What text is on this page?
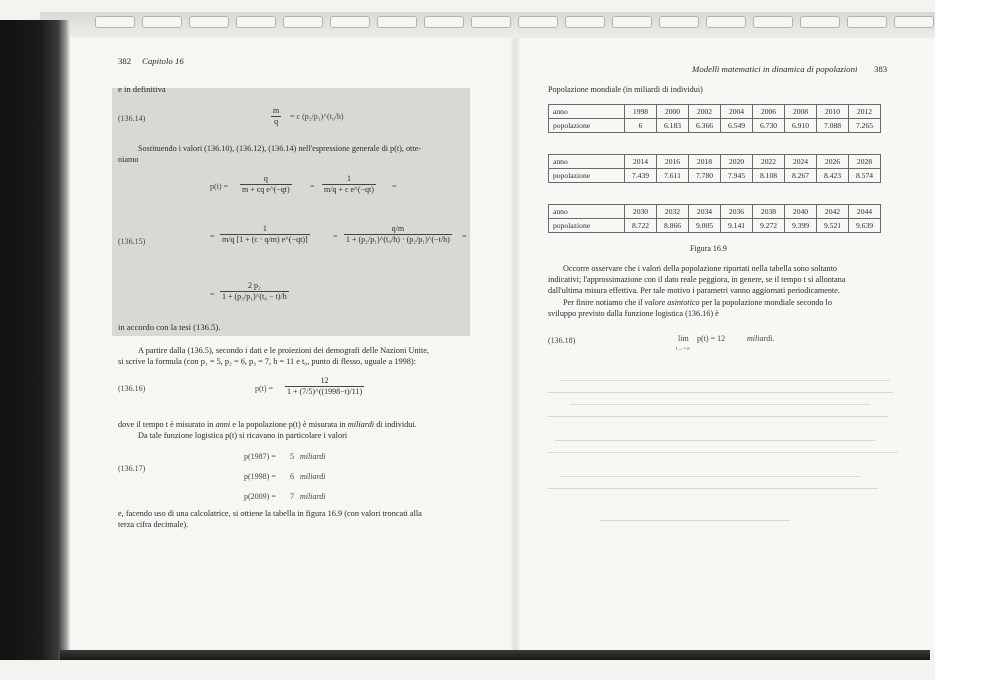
382 Capitolo 16
e in definitiva
(136.14)	$\frac{m}{q} = c$ (p₂/p₁)^(t₀/h)
Sostituendo i valori (136.10), (136.12), (136.14) nell'espressione generale di p(t), otte-
niamo
$p(t) = \frac{q}{\text{m + cq e\textasciicircum{}(−qt)}} = \frac{1}{\text{m/q + c e\textasciicircum{}(−qt)}}$ =
(136.15)
= $\frac{1}{m/q [1 + (c \cdot q/m) e\^{}(-qt)]}$	= $\frac{q/m}{\text{1 + (p₂/p₁)\textasciicircum{}(t₀/h) · (p₂/p₁)\textasciicircum{}(−t/h)}}$ =
= $\frac{\text{2 p₂}}{\text{1 + (p₃/p₁)\textasciicircum{}(t₀ − t)/h}}$
in accordo con la tesi (136.5).
A partire dalla (136.5), secondo i dati e le proiezioni dei demografi delle Nazioni Unite,
si scrive la formula (con p₁ = 5, p₂ = 6, p₃ = 7, h = 11 e t₀, punto di flesso, uguale a 1998):
(136.16)	$p(t) = \frac{12}{1 + (7/5)\^{}((1998-t)/11)}$
dove il tempo t è misurato in anni e la popolazione p(t) è misurata in miliardi di individui.
Da tale funzione logistica p(t) si ricavano in particolare i valori
(136.17)
p(1987) = 5 miliardi
p(1998) = 6 miliardi
p(2009) = 7 miliardi
e, facendo uso di una calcolatrice, si ottiene la tabella in figura 16.9 (con valori troncati alla
terza cifra decimale).
Modelli matematici in dinamica di popolazioni 383
Popolazione mondiale (in miliardi di individui)
anno	1998	2000	2002	2004	2006	2008	2010	2012
popolazione	6	6.183	6.366	6.549	6.730	6.910	7.088	7.265
anno	2014	2016	2018	2020	2022	2024	2026	2028
popolazione	7.439	7.611	7.780	7.945	8.108	8.267	8.423	8.574
anno	2030	2032	2034	2036	2038	2040	2042	2044
popolazione	8.722	8.866	9.005	9.141	9.272	9.399	9.521	9.639
Figura 16.9
Occorre osservare che i valori della popolazione riportati nella tabella sono soltanto
indicativi; l'approssimazione con il dato reale peggiora, in genere, se il tempo t si allontana
dall'ultima misura effettiva. Per tale motivo i parametri vanno aggiornati periodicamente.
Per finire notiamo che il valore asintotico per la popolazione mondiale secondo lo
sviluppo previsto dalla funzione logistica (136.16) è
(136.18)	lim
t→+∞
p(t) = 12	miliardi.
